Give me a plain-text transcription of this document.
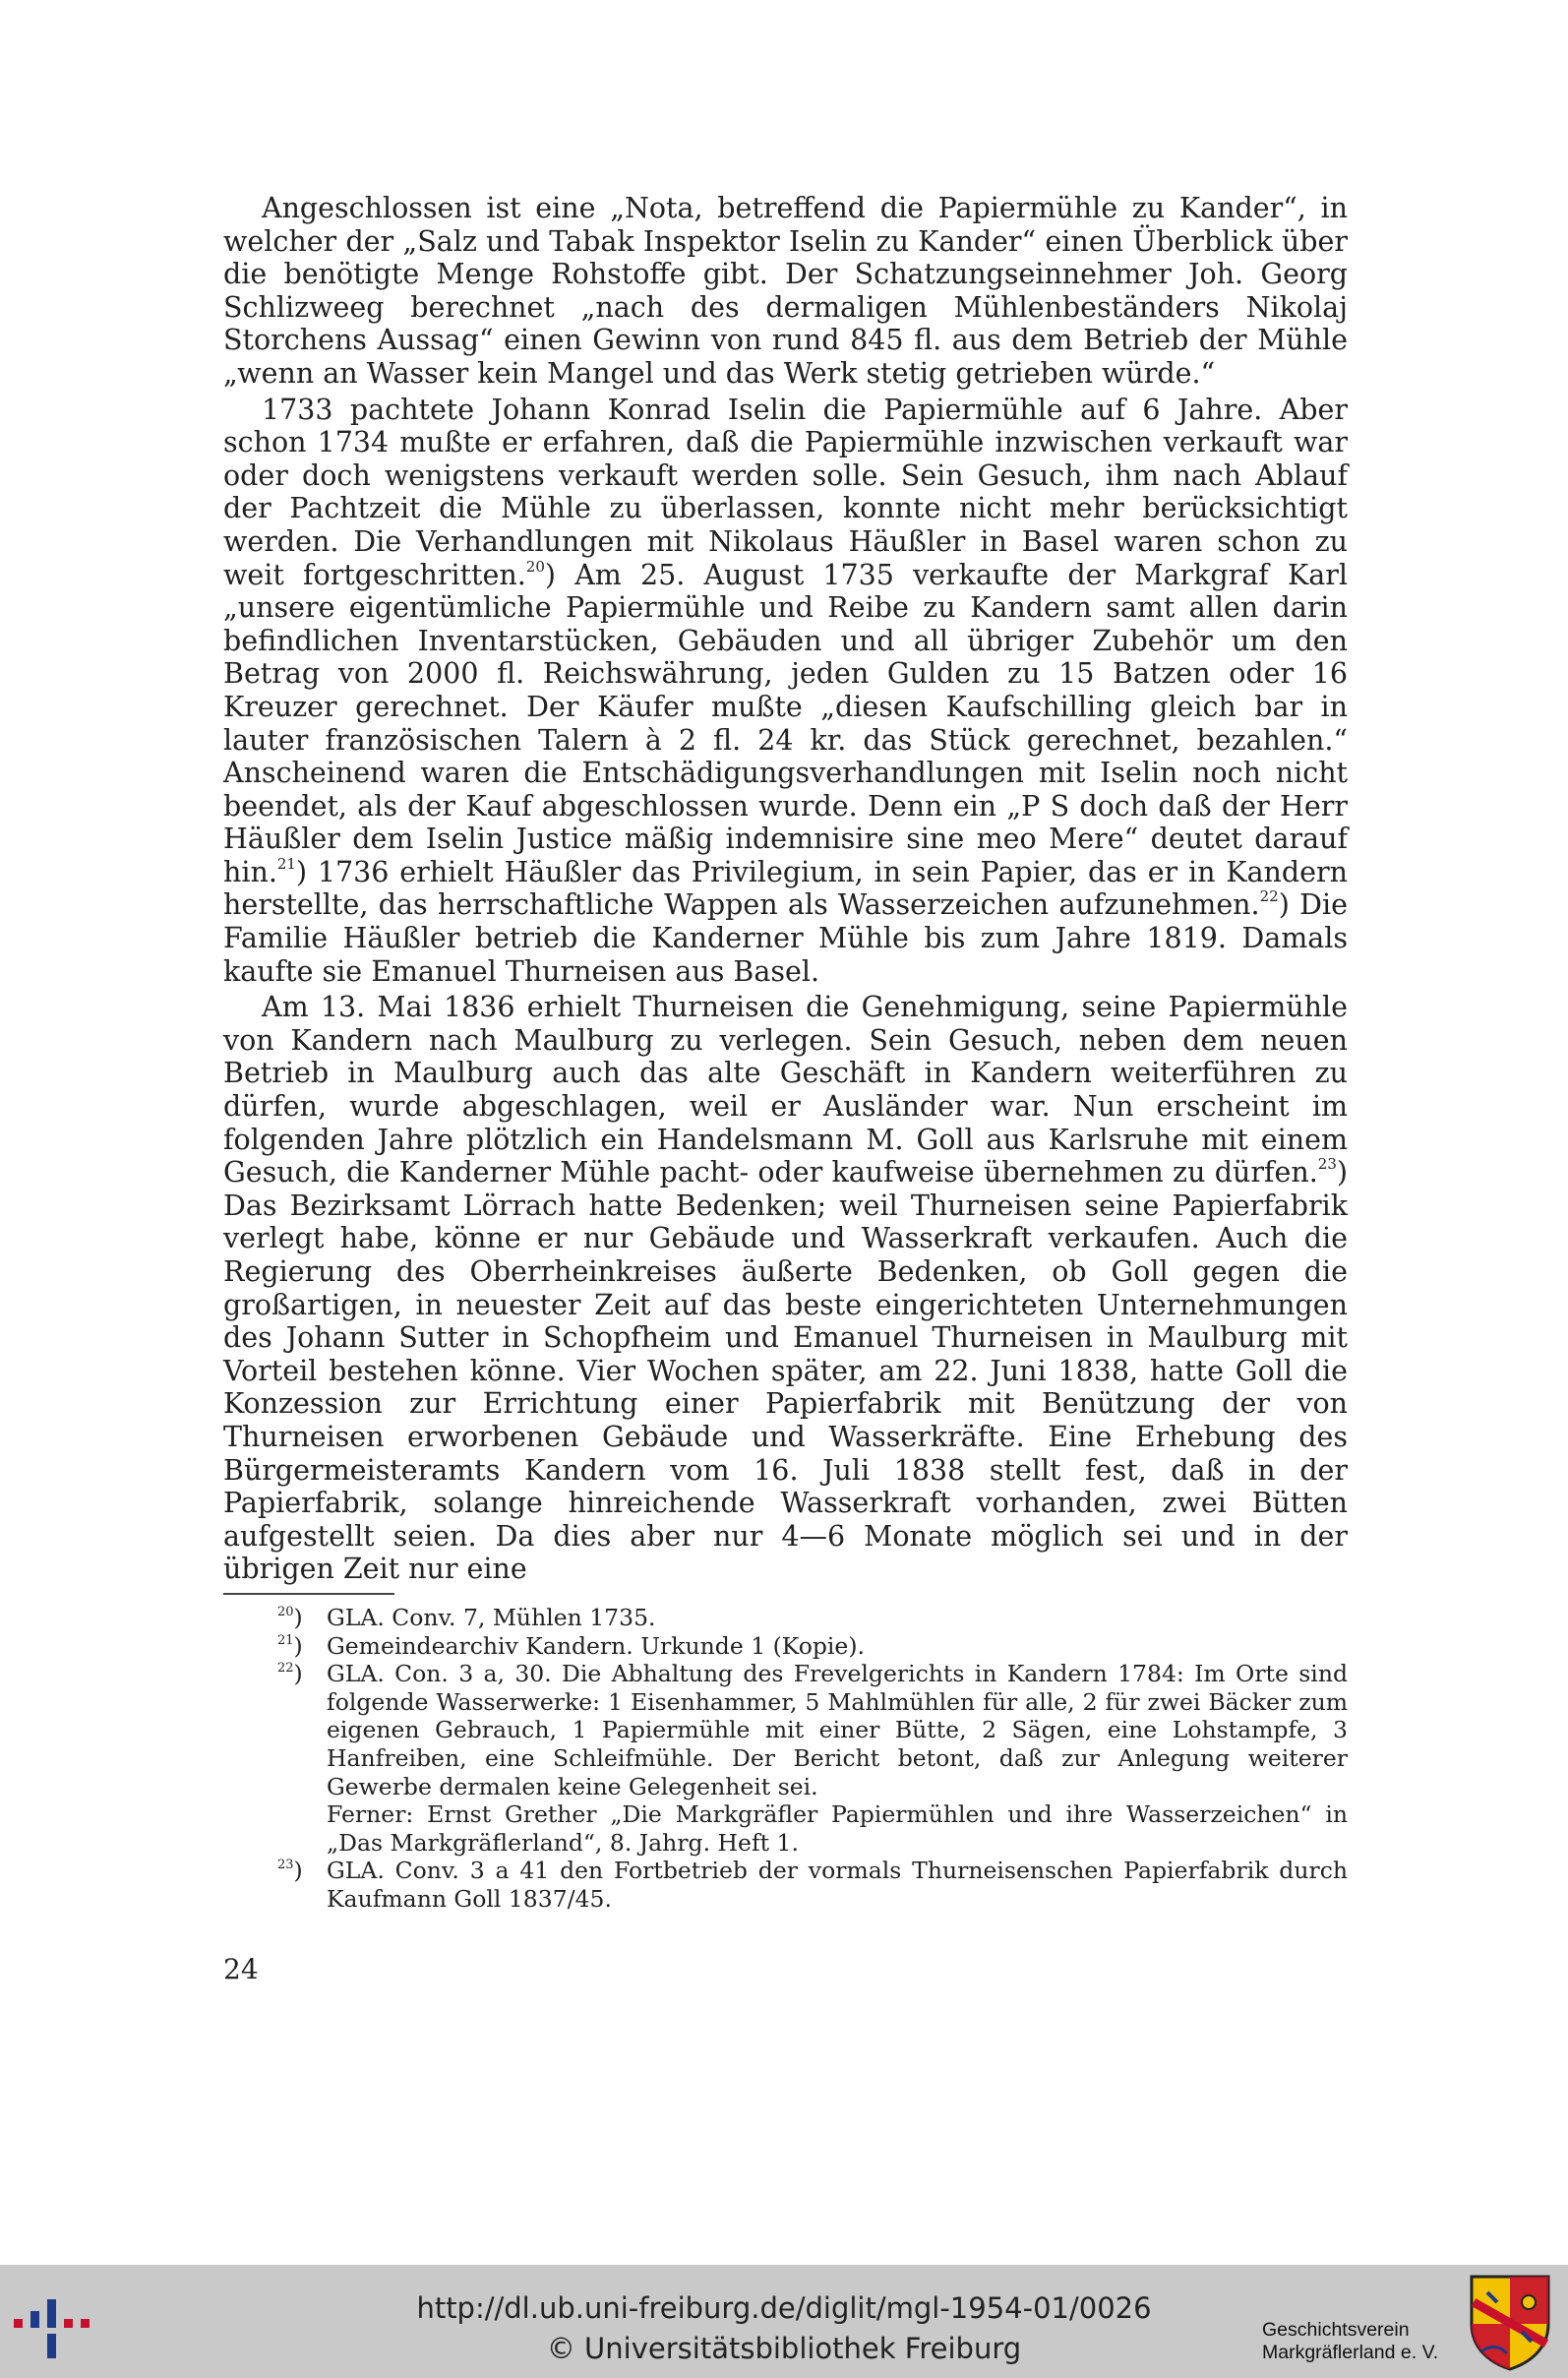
Angeschlossen ist eine „Nota, betreffend die Papiermühle zu Kander“, in welcher der „Salz und Tabak Inspektor Iselin zu Kander“ einen Überblick über die benötigte Menge Rohstoffe gibt. Der Schatzungseinnehmer Joh. Georg Schlizweeg berechnet „nach des dermaligen Mühlenbeständers Nikolaj Storchens Aussag“ einen Gewinn von rund 845 fl. aus dem Betrieb der Mühle „wenn an Wasser kein Mangel und das Werk stetig getrieben würde.“

1733 pachtete Johann Konrad Iselin die Papiermühle auf 6 Jahre. Aber schon 1734 mußte er erfahren, daß die Papiermühle inzwischen verkauft war oder doch wenigstens verkauft werden solle. Sein Gesuch, ihm nach Ablauf der Pachtzeit die Mühle zu überlassen, konnte nicht mehr berücksichtigt werden. Die Verhandlungen mit Nikolaus Häußler in Basel waren schon zu weit fortgeschritten.$^{20}$) Am 25. August 1735 verkaufte der Markgraf Karl „unsere eigentümliche Papiermühle und Reibe zu Kandern samt allen darin befindlichen Inventarstücken, Gebäuden und all übriger Zubehör um den Betrag von 2000 fl. Reichswährung, jeden Gulden zu 15 Batzen oder 16 Kreuzer gerechnet. Der Käufer mußte „diesen Kaufschilling gleich bar in lauter französischen Talern à 2 fl. 24 kr. das Stück gerechnet, bezahlen.“ Anscheinend waren die Entschädigungsverhandlungen mit Iselin noch nicht beendet, als der Kauf abgeschlossen wurde. Denn ein „P S doch daß der Herr Häußler dem Iselin Justice mäßig indemnisire sine meo Mere“ deutet darauf hin.$^{21}$) 1736 erhielt Häußler das Privilegium, in sein Papier, das er in Kandern herstellte, das herrschaftliche Wappen als Wasserzeichen aufzunehmen.$^{22}$) Die Familie Häußler betrieb die Kanderner Mühle bis zum Jahre 1819. Damals kaufte sie Emanuel Thurneisen aus Basel.

Am 13. Mai 1836 erhielt Thurneisen die Genehmigung, seine Papiermühle von Kandern nach Maulburg zu verlegen. Sein Gesuch, neben dem neuen Betrieb in Maulburg auch das alte Geschäft in Kandern weiterführen zu dürfen, wurde abgeschlagen, weil er Ausländer war. Nun erscheint im folgenden Jahre plötzlich ein Handelsmann M. Goll aus Karlsruhe mit einem Gesuch, die Kanderner Mühle pacht- oder kaufweise übernehmen zu dürfen.$^{23}$) Das Bezirksamt Lörrach hatte Bedenken; weil Thurneisen seine Papierfabrik verlegt habe, könne er nur Gebäude und Wasserkraft verkaufen. Auch die Regierung des Oberrheinkreises äußerte Bedenken, ob Goll gegen die großartigen, in neuester Zeit auf das beste eingerichteten Unternehmungen des Johann Sutter in Schopfheim und Emanuel Thurneisen in Maulburg mit Vorteil bestehen könne. Vier Wochen später, am 22. Juni 1838, hatte Goll die Konzession zur Errichtung einer Papierfabrik mit Benützung der von Thurneisen erworbenen Gebäude und Wasserkräfte. Eine Erhebung des Bürgermeisteramts Kandern vom 16. Juli 1838 stellt fest, daß in der Papierfabrik, solange hinreichende Wasserkraft vorhanden, zwei Bütten aufgestellt seien. Da dies aber nur 4—6 Monate möglich sei und in der übrigen Zeit nur eine

$^{20}$)	GLA. Conv. 7, Mühlen 1735.
$^{21}$)	Gemeindearchiv Kandern. Urkunde 1 (Kopie).
$^{22}$)	GLA. Con. 3 a, 30. Die Abhaltung des Frevelgerichts in Kandern 1784: Im Orte sind folgende Wasserwerke: 1 Eisenhammer, 5 Mahlmühlen für alle, 2 für zwei Bäcker zum eigenen Gebrauch, 1 Papiermühle mit einer Bütte, 2 Sägen, eine Lohstampfe, 3 Hanfreiben, eine Schleifmühle. Der Bericht betont, daß zur Anlegung weiterer Gewerbe dermalen keine Gelegenheit sei.
Ferner: Ernst Grether „Die Markgräfler Papiermühlen und ihre Wasserzeichen“ in „Das Markgräflerland“, 8. Jahrg. Heft 1.
$^{23}$)	GLA. Conv. 3 a 41 den Fortbetrieb der vormals Thurneisenschen Papierfabrik durch Kaufmann Goll 1837/45.
24
http://dl.ub.uni-freiburg.de/diglit/mgl-1954-01/0026
© Universitätsbibliothek Freiburg
Geschichtsverein
Markgräflerland e. V.
